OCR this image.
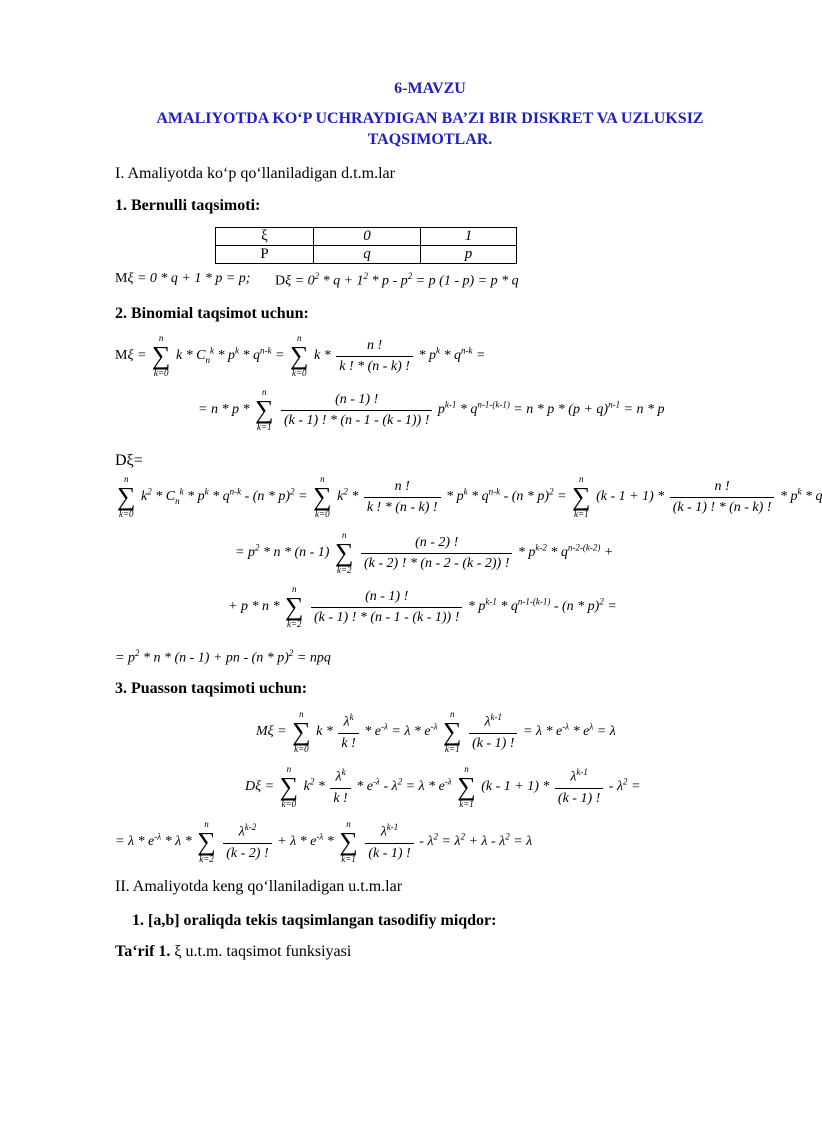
6-MAVZU
AMALIYOTDA KO‘P UCHRAYDIGAN BA’ZI BIR DISKRET VA UZLUKSIZ
TAQSIMOTLAR.
I. Amaliyotda ko‘p qo‘llaniladigan d.t.m.lar
1. Bernulli taqsimoti:
ξ	0	1
P	q	p
Mξ = 0 * q + 1 * p = p; $D\xi = 0^2 * q + 1^2 * p - p^2 = p$ (1 - p) = p * q
2. Binomial taqsimot uchun:
Mξ =
n
∑
k=0
k * $C_n^k * p^k * q^{n-k}$ =
n
∑
k=0
k * $\frac{n !}{k ! * (n - k) !} * p^k * q^{n-k}$ =
= n * p *
n
∑
k=1
$\frac{(n - 1) !}{(k - 1) ! * (n - 1 - (k - 1)) !} p^{k-1} * q^{n-1-(k-1)} = n * p * (p + q)^{n-1} = n * p$
Dξ=
n
∑
k=0
$k^2 * C_n^k * p^k * q^{n-k} - (n * p)^2$ =
n
∑
k=0
$k^2 * \frac{n !}{k ! * (n - k) !} * p^k * q^{n-k} - (n * p)^2$ =
n
∑
k=1
$(k - 1 + 1) * \frac{n !}{(k - 1) ! * (n - k) !} * p^k * q$
= $p^2$ * n * (n - 1)
n
∑
k=2
$\frac{(n - 2) !}{(k - 2) ! * (n - 2 - (k - 2)) !} * p^{k-2} * q^{n-2-(k-2)}$ +
+ p * n *
n
∑
k=2
$\frac{(n - 1) !}{(k - 1) ! * (n - 1 - (k - 1)) !} * p^{k-1} * q^{n-1-(k-1)} - (n * p)^2$ =
= $p^2$ * n * (n - 1) + pn - (n * p)$^2$ = npq
3. Puasson taqsimoti uchun:
Mξ =
n
∑
k=0
$k * \frac{\lambda^k}{k !} * e^{-\lambda} = \lambda * e^{-\lambda}$
n
∑
k=1
$\frac{\lambda^{k-1}}{(k - 1) !} = \lambda * e^{-\lambda} * e^\lambda = \lambda$
Dξ =
n
∑
k=0
$k^2 * \frac{\lambda^k}{k !} * e^{-\lambda} - \lambda^2 = \lambda * e^{-\lambda}$
n
∑
k=1
$(k - 1 + 1) * \frac{\lambda^{k-1}}{(k - 1) !} - \lambda^2$ =
= λ * $e^{-\lambda}$ * λ *
n
∑
k=2
$\frac{\lambda^{k-2}}{(k - 2) !} + \lambda * e^{-\lambda}$ *
n
∑
k=1
$\frac{\lambda^{k-1}}{(k - 1) !} - \lambda^2 = \lambda^2 + \lambda - \lambda^2 = \lambda$
II. Amaliyotda keng qo‘llaniladigan u.t.m.lar
1. [a,b] oraliqda tekis taqsimlangan tasodifiy miqdor:
Ta‘rif 1. ξ u.t.m. taqsimot funksiyasi
